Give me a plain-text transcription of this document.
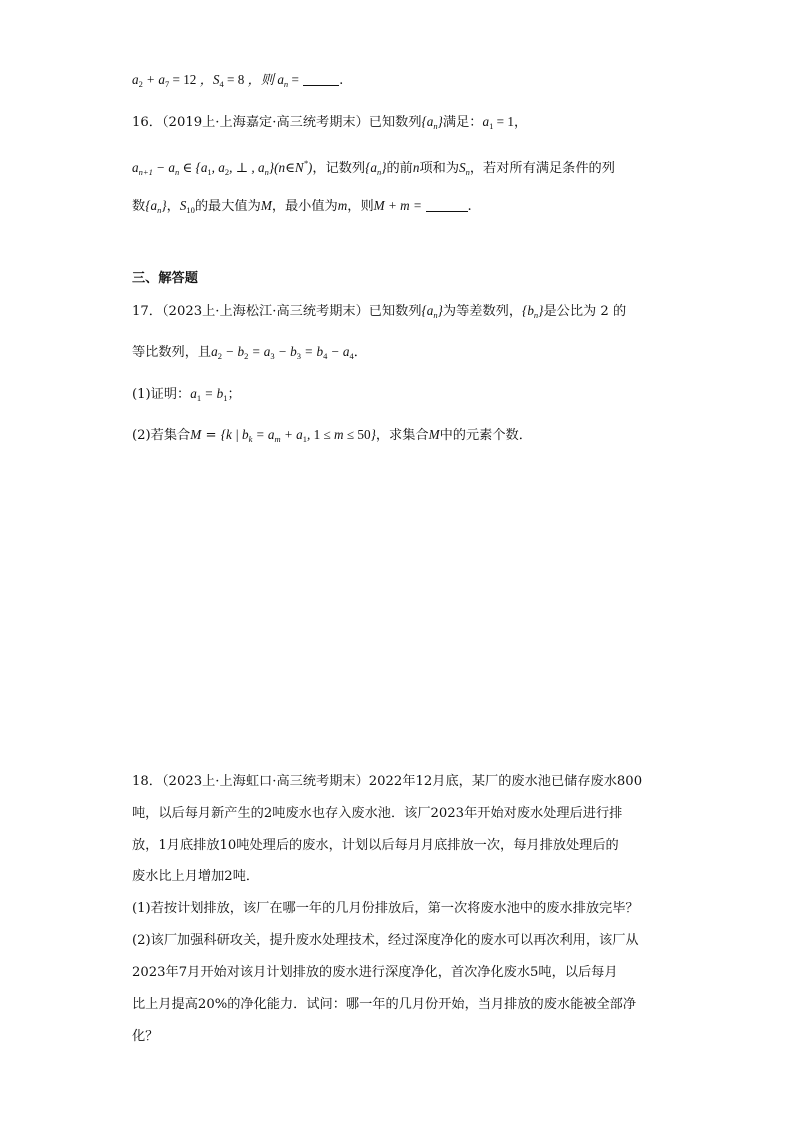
$a_2 + a_7 = 12$ ，$S_4 = 8$ ，则 $a_n$ =	.
16．（2019上·上海嘉定·高三统考期末）已知数列$\{a_n\}$满足：$a_1 = 1$，
$a_{n+1} - a_n$ ∈ {$a_1$, $a_2$, ⊥ , $a_n\}(n\in N^*)$，记数列$\{a_n\}$的前n项和为$S_n$，若对所有满足条件的列
数$\{a_n\}$，$S_{10}$的最大值为M，最小值为m，则M + m =	.
三、解答题
17．（2023上·上海松江·高三统考期末）已知数列$\{a_n\}$为等差数列，$\{b_n\}$是公比为 2 的
等比数列，且$a_2 - b_2 = a_3 - b_3 = b_4 - a_4$．
(1)证明：$a_1 = b_1$；
(2)若集合M = {k | $b_k = a_m + a_1$, 1 ≤ m ≤ 50}，求集合M中的元素个数．
18．（2023上·上海虹口·高三统考期末）2022年12月底，某厂的废水池已储存废水800
吨，以后每月新产生的2吨废水也存入废水池．该厂2023年开始对废水处理后进行排
放，1月底排放10吨处理后的废水，计划以后每月月底排放一次，每月排放处理后的
废水比上月增加2吨．
(1)若按计划排放，该厂在哪一年的几月份排放后，第一次将废水池中的废水排放完毕？
(2)该厂加强科研攻关，提升废水处理技术，经过深度净化的废水可以再次利用，该厂从
2023年7月开始对该月计划排放的废水进行深度净化，首次净化废水5吨，以后每月
比上月提高20%的净化能力．试问：哪一年的几月份开始，当月排放的废水能被全部净
化？
